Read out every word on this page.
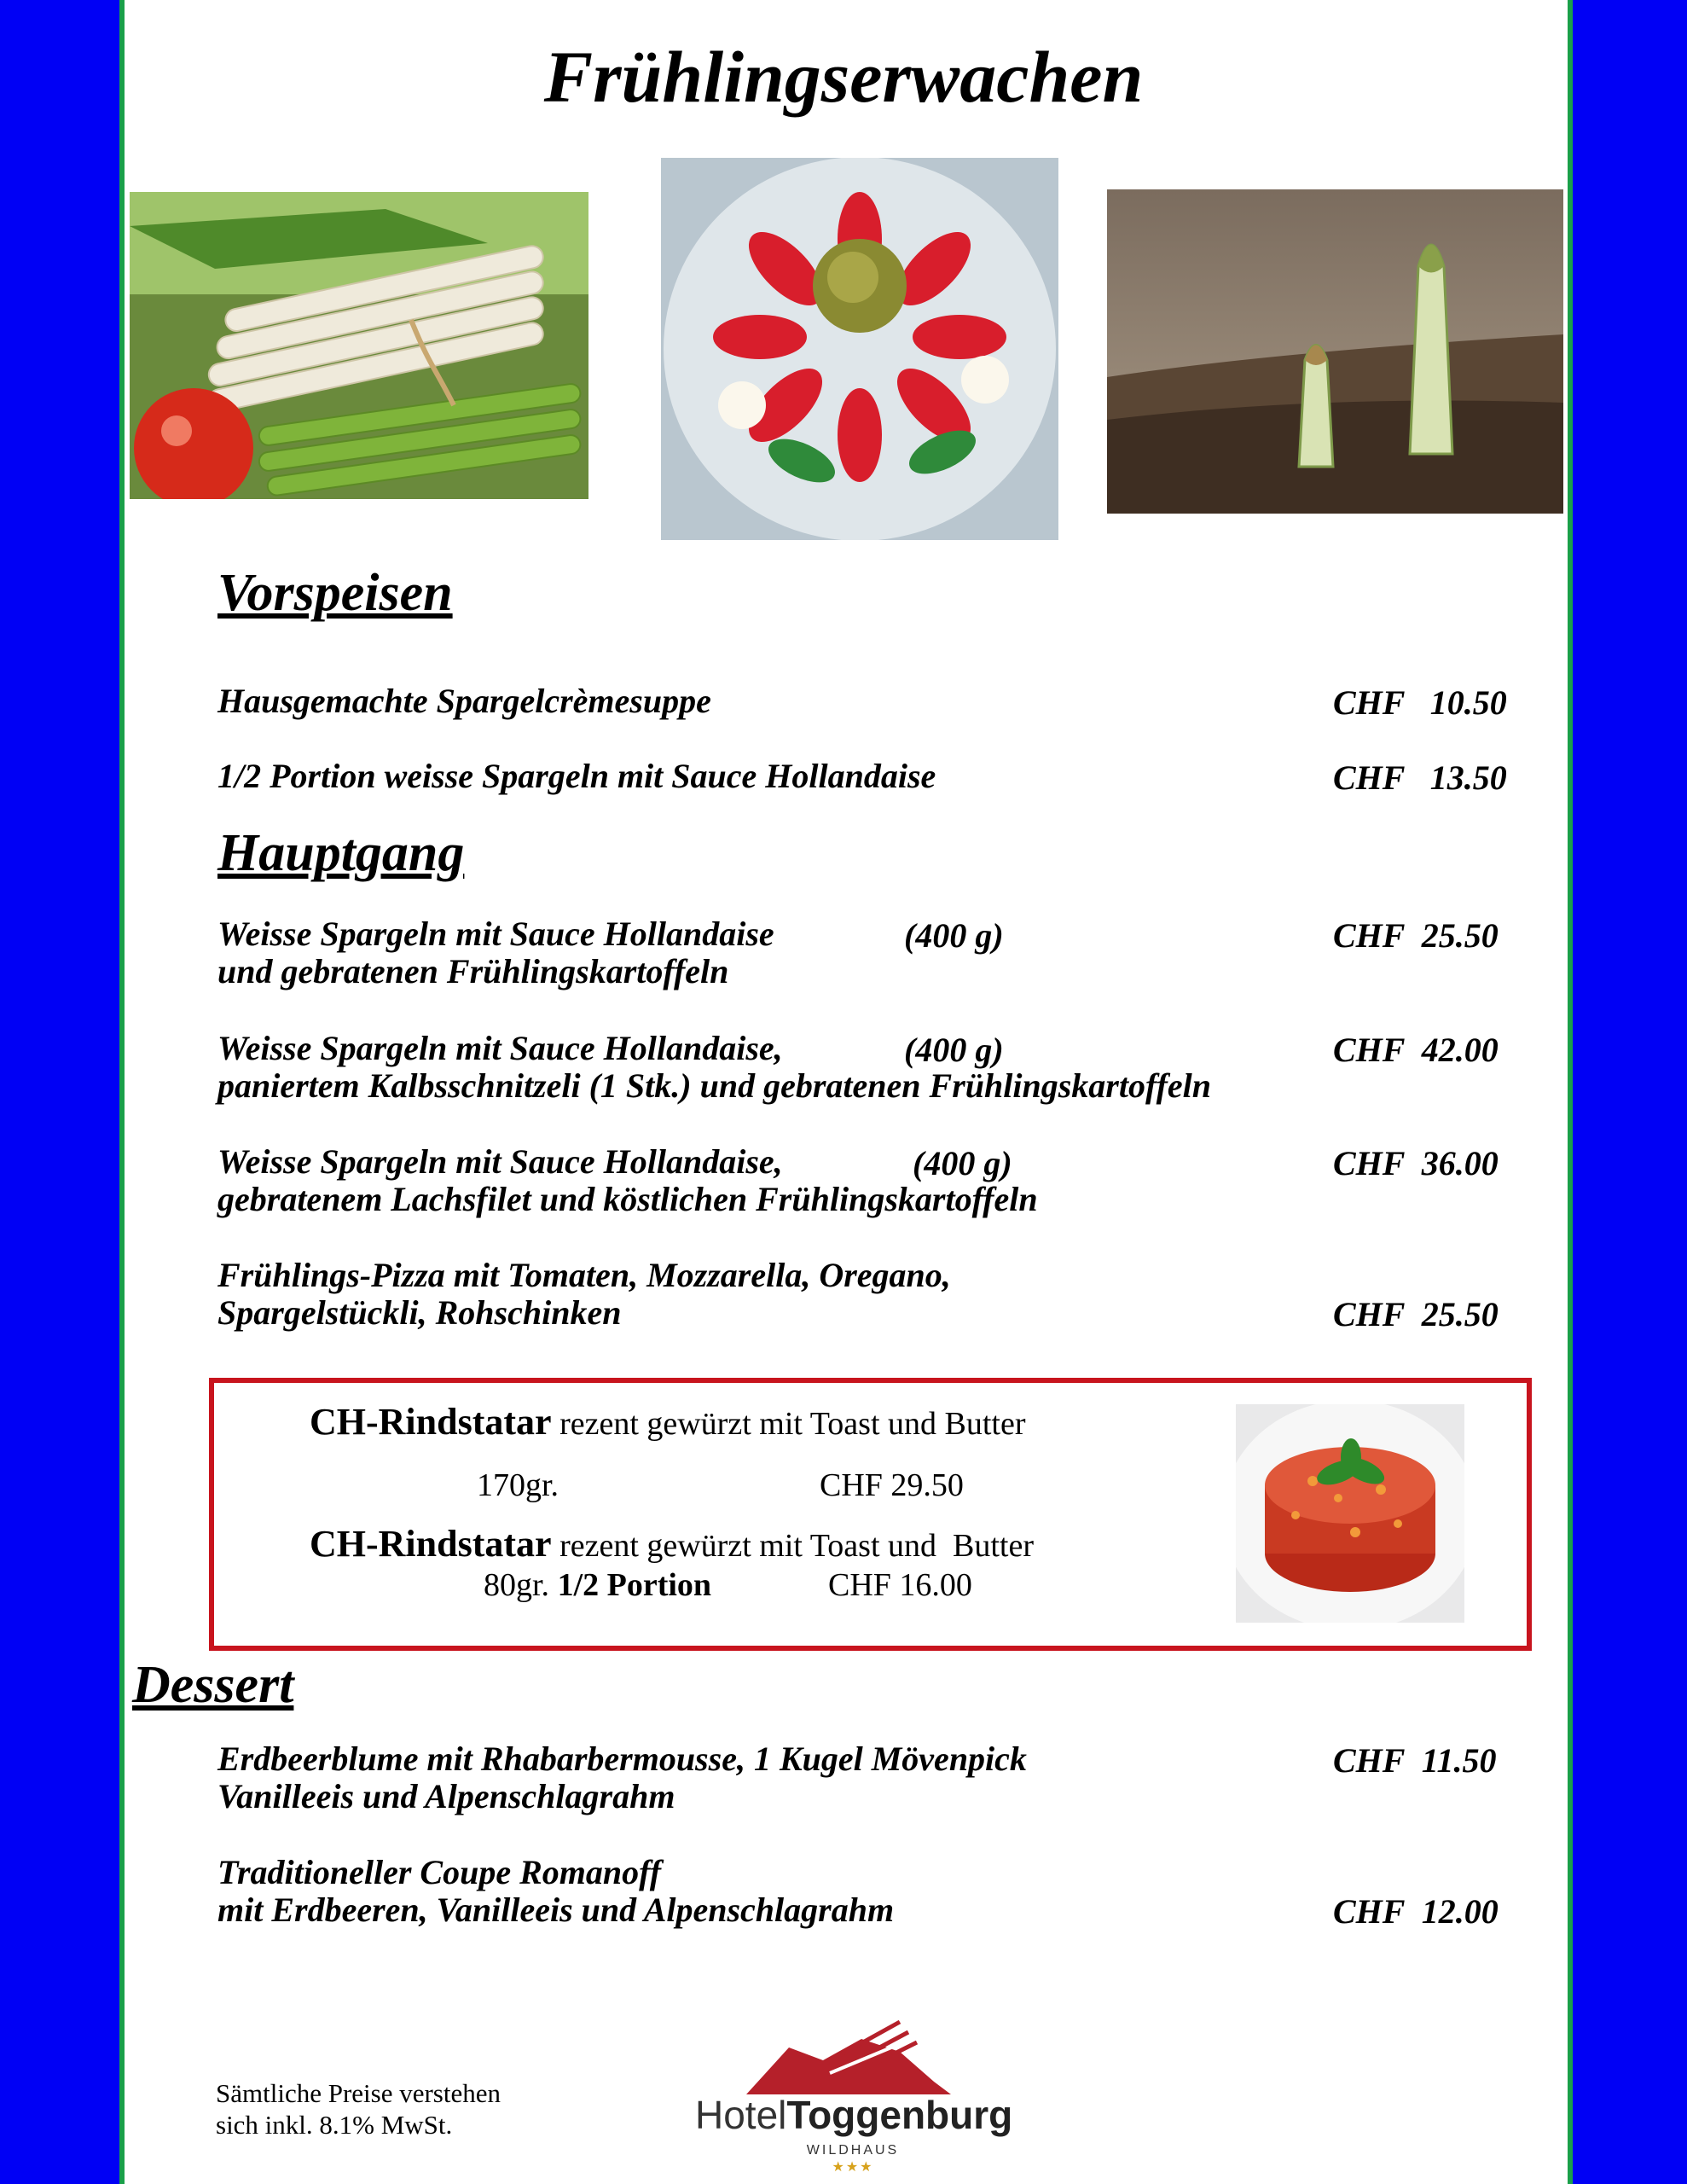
Frühlingserwachen
Vorspeisen
Hausgemachte Spargelcrèmesuppe	CHF   10.50
1/2 Portion weisse Spargeln mit Sauce Hollandaise	CHF   13.50
Hauptgang
Weisse Spargeln mit Sauce Hollandaise
und gebratenen Frühlingskartoffeln
(400 g)	CHF  25.50
Weisse Spargeln mit Sauce Hollandaise,
paniertem Kalbsschnitzeli (1 Stk.) und gebratenen Frühlingskartoffeln
(400 g)	CHF  42.00
Weisse Spargeln mit Sauce Hollandaise,
gebratenem Lachsfilet und köstlichen Frühlingskartoffeln
(400 g)	CHF  36.00
Frühlings-Pizza mit Tomaten, Mozzarella, Oregano,
Spargelstückli, Rohschinken	CHF  25.50
CH-Rindstatar rezent gewürzt mit Toast und Butter
170gr.	CHF 29.50
CH-Rindstatar rezent gewürzt mit Toast und  Butter
80gr. 1/2 Portion	CHF 16.00
Dessert
Erdbeerblume mit Rhabarbermousse, 1 Kugel Mövenpick
Vanilleeis und Alpenschlagrahm
CHF  11.50
Traditioneller Coupe Romanoff
mit Erdbeeren, Vanilleeis und Alpenschlagrahm	CHF  12.00
Sämtliche Preise verstehen
sich inkl. 8.1% MwSt.	HotelToggenburg
WILDHAUS
★★★
